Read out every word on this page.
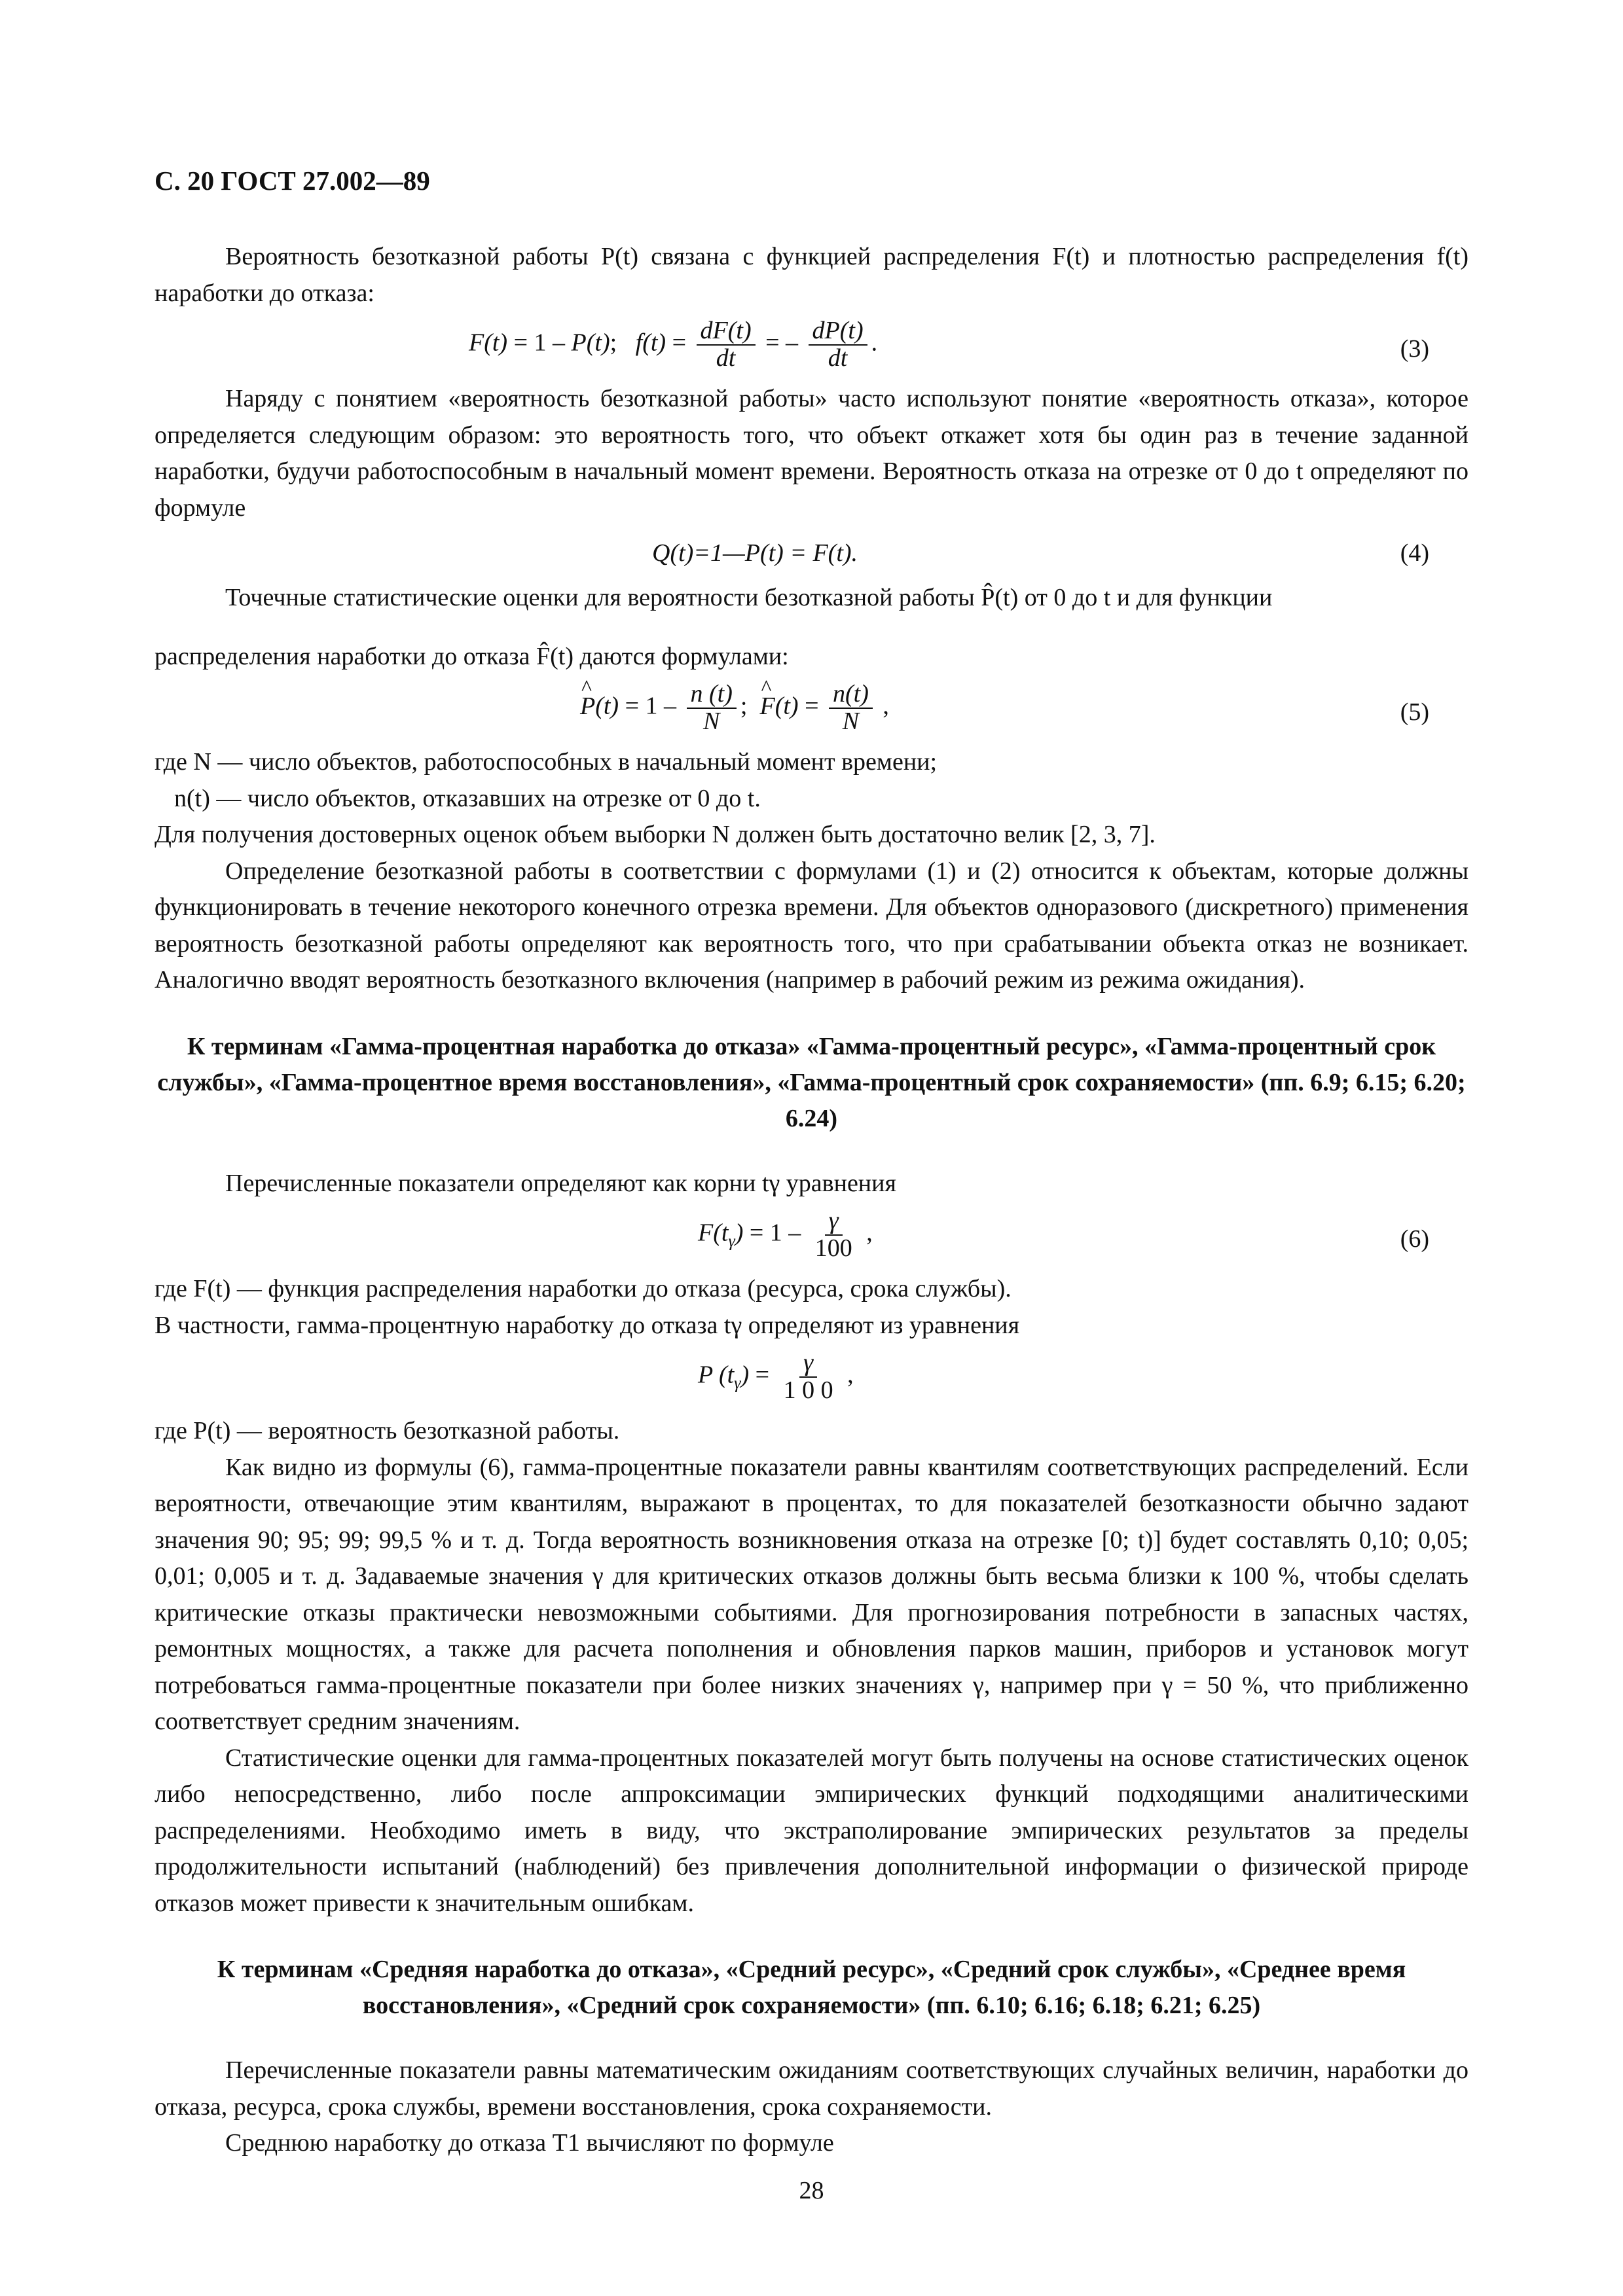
С. 20 ГОСТ 27.002—89

Вероятность безотказной работы P(t) связана с функцией распределения F(t) и плотностью распределения f(t) наработки до отказа:

F(t) = 1 – P(t);   $f(t) = \frac{dF(t)}{dt}$ = – $\frac{dP(t)}{dt}$ .	(3)

Наряду с понятием «вероятность безотказной работы» часто используют понятие «вероятность отказа», которое определяется следующим образом: это вероятность того, что объект откажет хотя бы один раз в течение заданной наработки, будучи работоспособным в начальный момент времени. Вероятность отказа на отрезке от 0 до t определяют по формуле

Q(t)=1—P(t) = F(t).	(4)

Точечные статистические оценки для вероятности безотказной работы P̂(t) от 0 до t и для функции

распределения наработки до отказа F̂(t) даются формулами:

^ $P(t) = 1 - \frac{n (t)}{N}$ ;  ^ $F(t) = \frac{n(t)}{N}$ ,	(5)

где N — число объектов, работоспособных в начальный момент времени;

n(t) — число объектов, отказавших на отрезке от 0 до t.

Для получения достоверных оценок объем выборки N должен быть достаточно велик [2, 3, 7].

Определение безотказной работы в соответствии с формулами (1) и (2) относится к объектам, которые должны функционировать в течение некоторого конечного отрезка времени. Для объектов одноразового (дискретного) применения вероятность безотказной работы определяют как вероятность того, что при срабатывании объекта отказ не возникает. Аналогично вводят вероятность безотказного включения (например в рабочий режим из режима ожидания).

К терминам «Гамма-процентная наработка до отказа» «Гамма-процентный ресурс», «Гамма-процентный срок службы», «Гамма-процентное время восстановления», «Гамма-процентный срок сохраняемости» (пп. 6.9; 6.15; 6.20; 6.24)

Перечисленные показатели определяют как корни tγ уравнения

$F(t_\gamma) = 1 - \frac{\gamma}{100}$ ,	(6)

где F(t) — функция распределения наработки до отказа (ресурса, срока службы).

В частности, гамма-процентную наработку до отказа tγ определяют из уравнения

P $(t_\gamma) = \frac{\gamma}{1 0 0}$ ,

где P(t) — вероятность безотказной работы.

Как видно из формулы (6), гамма-процентные показатели равны квантилям соответствующих распределений. Если вероятности, отвечающие этим квантилям, выражают в процентах, то для показателей безотказности обычно задают значения 90; 95; 99; 99,5 % и т. д. Тогда вероятность возникновения отказа на отрезке [0; t)] будет составлять 0,10; 0,05; 0,01; 0,005 и т. д. Задаваемые значения γ для критических отказов должны быть весьма близки к 100 %, чтобы сделать критические отказы практически невозможными событиями. Для прогнозирования потребности в запасных частях, ремонтных мощностях, а также для расчета пополнения и обновления парков машин, приборов и установок могут потребоваться гамма-процентные показатели при более низких значениях γ, например при γ = 50 %, что приближенно соответствует средним значениям.

Статистические оценки для гамма-процентных показателей могут быть получены на основе статистических оценок либо непосредственно, либо после аппроксимации эмпирических функций подходящими аналитическими распределениями. Необходимо иметь в виду, что экстраполирование эмпирических результатов за пределы продолжительности испытаний (наблюдений) без привлечения дополнительной информации о физической природе отказов может привести к значительным ошибкам.

К терминам «Средняя наработка до отказа», «Средний ресурс», «Средний срок службы», «Среднее время восстановления», «Средний срок сохраняемости» (пп. 6.10; 6.16; 6.18; 6.21; 6.25)

Перечисленные показатели равны математическим ожиданиям соответствующих случайных величин, наработки до отказа, ресурса, срока службы, времени восстановления, срока сохраняемости.

Среднюю наработку до отказа T1 вычисляют по формуле

28
